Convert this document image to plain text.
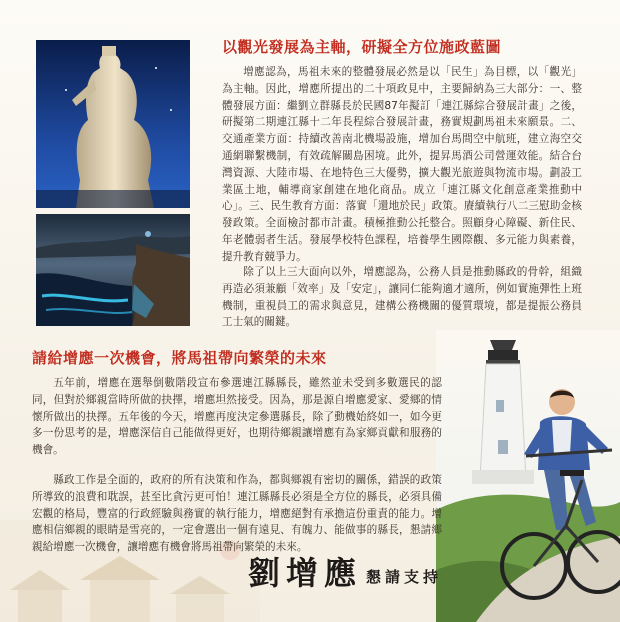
以觀光發展為主軸，研擬全方位施政藍圖

增應認為，馬祖未來的整體發展必然是以「民生」為目標，以「觀光」為主軸。因此，增應所提出的二十項政見中，主要歸納為三大部分：一、整體發展方面：繼劉立群縣長於民國87年擬訂「連江縣綜合發展計畫」之後，研擬第二期連江縣十二年長程綜合發展計畫，務實規劃馬祖未來願景。二、交通產業方面：持續改善南北機場設施，增加台馬間空中航班，建立海空交通網聯繫機制，有效疏解關島困境。此外，提昇馬酒公司營運效能。結合台灣資源、大陸市場、在地特色三大優勢，擴大觀光旅遊與物流市場。劃設工業區土地，輔導商家創建在地化商品。成立「連江縣文化創意產業推動中心」。三、民生教育方面：落實「還地於民」政策。賡續執行八二三慰助金核發政策。全面檢討都市計畫。積極推動公托整合。照顧身心障礙、新住民、年老體弱者生活。發展學校特色課程，培養學生國際觀、多元能力與素養，提升教育競爭力。

除了以上三大面向以外，增應認為，公務人員是推動縣政的骨幹，組織再造必須兼顧「效率」及「安定」，讓同仁能夠適才適所，例如實施彈性上班機制，重視員工的需求與意見，建構公務機關的優質環境，都是提振公務員工士氣的關鍵。

請給增應一次機會，將馬祖帶向繁榮的未來

五年前，增應在選舉倒數階段宣布參選連江縣縣長，雖然並未受到多數選民的認同，但對於鄉親當時所做的抉擇，增應坦然接受。因為，那是源自增應愛家、愛鄉的情懷所做出的抉擇。五年後的今天，增應再度決定參選縣長，除了動機始終如一，如今更多一份思考的是，增應深信自己能做得更好，也期待鄉親讓增應有為家鄉貢獻和服務的機會。

縣政工作是全面的，政府的所有決策和作為，都與鄉親有密切的關係，錯誤的政策所導致的浪費和耽誤，甚至比貪污更可怕！連江縣縣長必須是全方位的縣長，必須具備宏觀的格局，豐富的行政經驗與務實的執行能力，增應絕對有承擔這份重責的能力。增應相信鄉親的眼睛是雪亮的，一定會選出一個有遠見、有魄力、能做事的縣長，懇請鄉親給增應一次機會，讓增應有機會將馬祖帶向繁榮的未來。

劉增應 懇請支持
